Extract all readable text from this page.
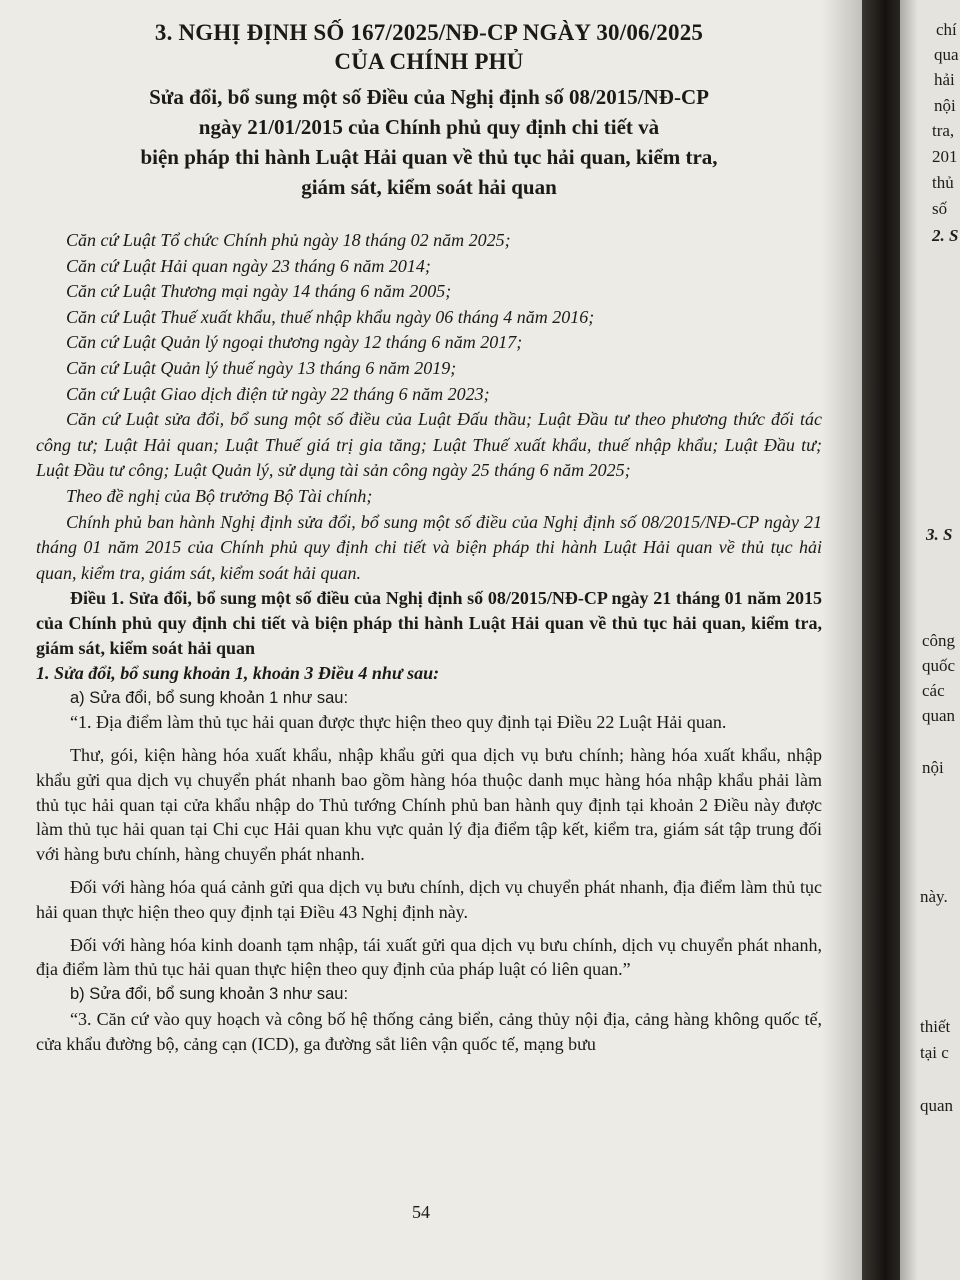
3. NGHỊ ĐỊNH SỐ 167/2025/NĐ-CP NGÀY 30/06/2025
CỦA CHÍNH PHỦ
Sửa đổi, bổ sung một số Điều của Nghị định số 08/2015/NĐ-CP
ngày 21/01/2015 của Chính phủ quy định chi tiết và
biện pháp thi hành Luật Hải quan về thủ tục hải quan, kiểm tra,
giám sát, kiểm soát hải quan

Căn cứ Luật Tổ chức Chính phủ ngày 18 tháng 02 năm 2025;

Căn cứ Luật Hải quan ngày 23 tháng 6 năm 2014;

Căn cứ Luật Thương mại ngày 14 tháng 6 năm 2005;

Căn cứ Luật Thuế xuất khẩu, thuế nhập khẩu ngày 06 tháng 4 năm 2016;

Căn cứ Luật Quản lý ngoại thương ngày 12 tháng 6 năm 2017;

Căn cứ Luật Quản lý thuế ngày 13 tháng 6 năm 2019;

Căn cứ Luật Giao dịch điện tử ngày 22 tháng 6 năm 2023;

Căn cứ Luật sửa đổi, bổ sung một số điều của Luật Đấu thầu; Luật Đầu tư theo phương thức đối tác công tư; Luật Hải quan; Luật Thuế giá trị gia tăng; Luật Thuế xuất khẩu, thuế nhập khẩu; Luật Đầu tư; Luật Đầu tư công; Luật Quản lý, sử dụng tài sản công ngày 25 tháng 6 năm 2025;

Theo đề nghị của Bộ trưởng Bộ Tài chính;

Chính phủ ban hành Nghị định sửa đổi, bổ sung một số điều của Nghị định số 08/2015/NĐ-CP ngày 21 tháng 01 năm 2015 của Chính phủ quy định chi tiết và biện pháp thi hành Luật Hải quan về thủ tục hải quan, kiểm tra, giám sát, kiểm soát hải quan.

Điều 1. Sửa đổi, bổ sung một số điều của Nghị định số 08/2015/NĐ-CP ngày 21 tháng 01 năm 2015 của Chính phủ quy định chi tiết và biện pháp thi hành Luật Hải quan về thủ tục hải quan, kiểm tra, giám sát, kiểm soát hải quan

1. Sửa đổi, bổ sung khoản 1, khoản 3 Điều 4 như sau:

a) Sửa đổi, bổ sung khoản 1 như sau:

“1. Địa điểm làm thủ tục hải quan được thực hiện theo quy định tại Điều 22 Luật Hải quan.

Thư, gói, kiện hàng hóa xuất khẩu, nhập khẩu gửi qua dịch vụ bưu chính; hàng hóa xuất khẩu, nhập khẩu gửi qua dịch vụ chuyển phát nhanh bao gồm hàng hóa thuộc danh mục hàng hóa nhập khẩu phải làm thủ tục hải quan tại cửa khẩu nhập do Thủ tướng Chính phủ ban hành quy định tại khoản 2 Điều này được làm thủ tục hải quan tại Chi cục Hải quan khu vực quản lý địa điểm tập kết, kiểm tra, giám sát tập trung đối với hàng bưu chính, hàng chuyển phát nhanh.

Đối với hàng hóa quá cảnh gửi qua dịch vụ bưu chính, dịch vụ chuyển phát nhanh, địa điểm làm thủ tục hải quan thực hiện theo quy định tại Điều 43 Nghị định này.

Đối với hàng hóa kinh doanh tạm nhập, tái xuất gửi qua dịch vụ bưu chính, dịch vụ chuyển phát nhanh, địa điểm làm thủ tục hải quan thực hiện theo quy định của pháp luật có liên quan.”

b) Sửa đổi, bổ sung khoản 3 như sau:

“3. Căn cứ vào quy hoạch và công bố hệ thống cảng biển, cảng thủy nội địa, cảng hàng không quốc tế, cửa khẩu đường bộ, cảng cạn (ICD), ga đường sắt liên vận quốc tế, mạng bưu

54
chí
qua
hải
nội
tra,
201
thủ
số
2. S
3. S
công
quốc
các
quan
nội
này.
thiết
tại c
quan
